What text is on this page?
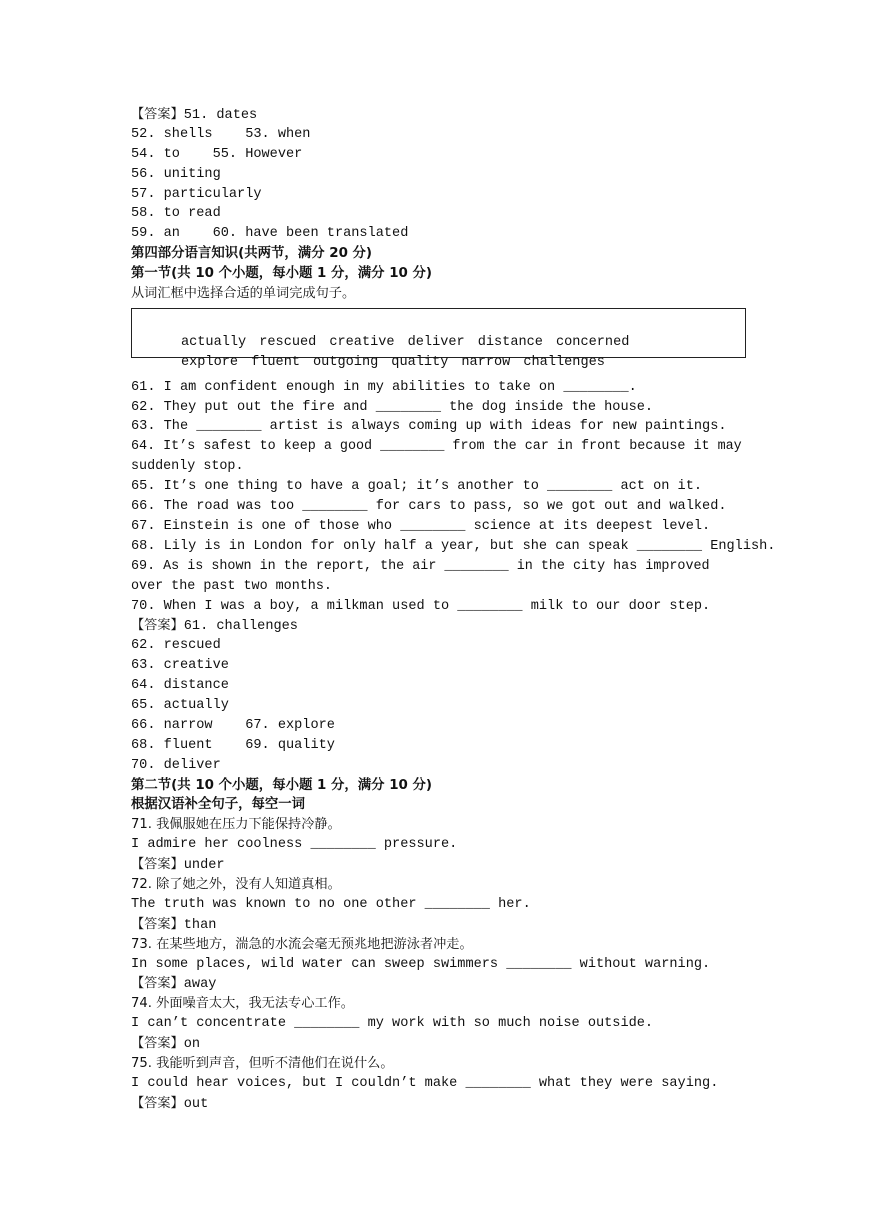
【答案】51. dates
52. shells    53. when
54. to    55. However
56. uniting
57. particularly
58. to read
59. an    60. have been translated
第四部分语言知识(共两节，满分 20 分)
第一节(共 10 个小题，每小题 1 分，满分 10 分)
从词汇框中选择合适的单词完成句子。

actually rescued creative deliver distance concerned

explore fluent outgoing quality narrow challenges

61. I am confident enough in my abilities to take on ________.
62. They put out the fire and ________ the dog inside the house.
63. The ________ artist is always coming up with ideas for new paintings.
64. It’s safest to keep a good ________ from the car in front because it may suddenly stop.
65. It’s one thing to have a goal; it’s another to ________ act on it.
66. The road was too ________ for cars to pass, so we got out and walked.
67. Einstein is one of those who ________ science at its deepest level.
68. Lily is in London for only half a year, but she can speak ________ English.
69. As is shown in the report, the air ________ in the city has improved over the past two months.
70. When I was a boy, a milkman used to ________ milk to our door step.
【答案】61. challenges
62. rescued
63. creative
64. distance
65. actually
66. narrow    67. explore
68. fluent    69. quality
70. deliver
第二节(共 10 个小题，每小题 1 分，满分 10 分)
根据汉语补全句子，每空一词
71. 我佩服她在压力下能保持冷静。
I admire her coolness ________ pressure.
【答案】under
72. 除了她之外，没有人知道真相。
The truth was known to no one other ________ her.
【答案】than
73. 在某些地方，湍急的水流会毫无预兆地把游泳者冲走。
In some places, wild water can sweep swimmers ________ without warning.
【答案】away
74. 外面噪音太大，我无法专心工作。
I can’t concentrate ________ my work with so much noise outside.
【答案】on
75. 我能听到声音，但听不清他们在说什么。
I could hear voices, but I couldn’t make ________ what they were saying.
【答案】out
